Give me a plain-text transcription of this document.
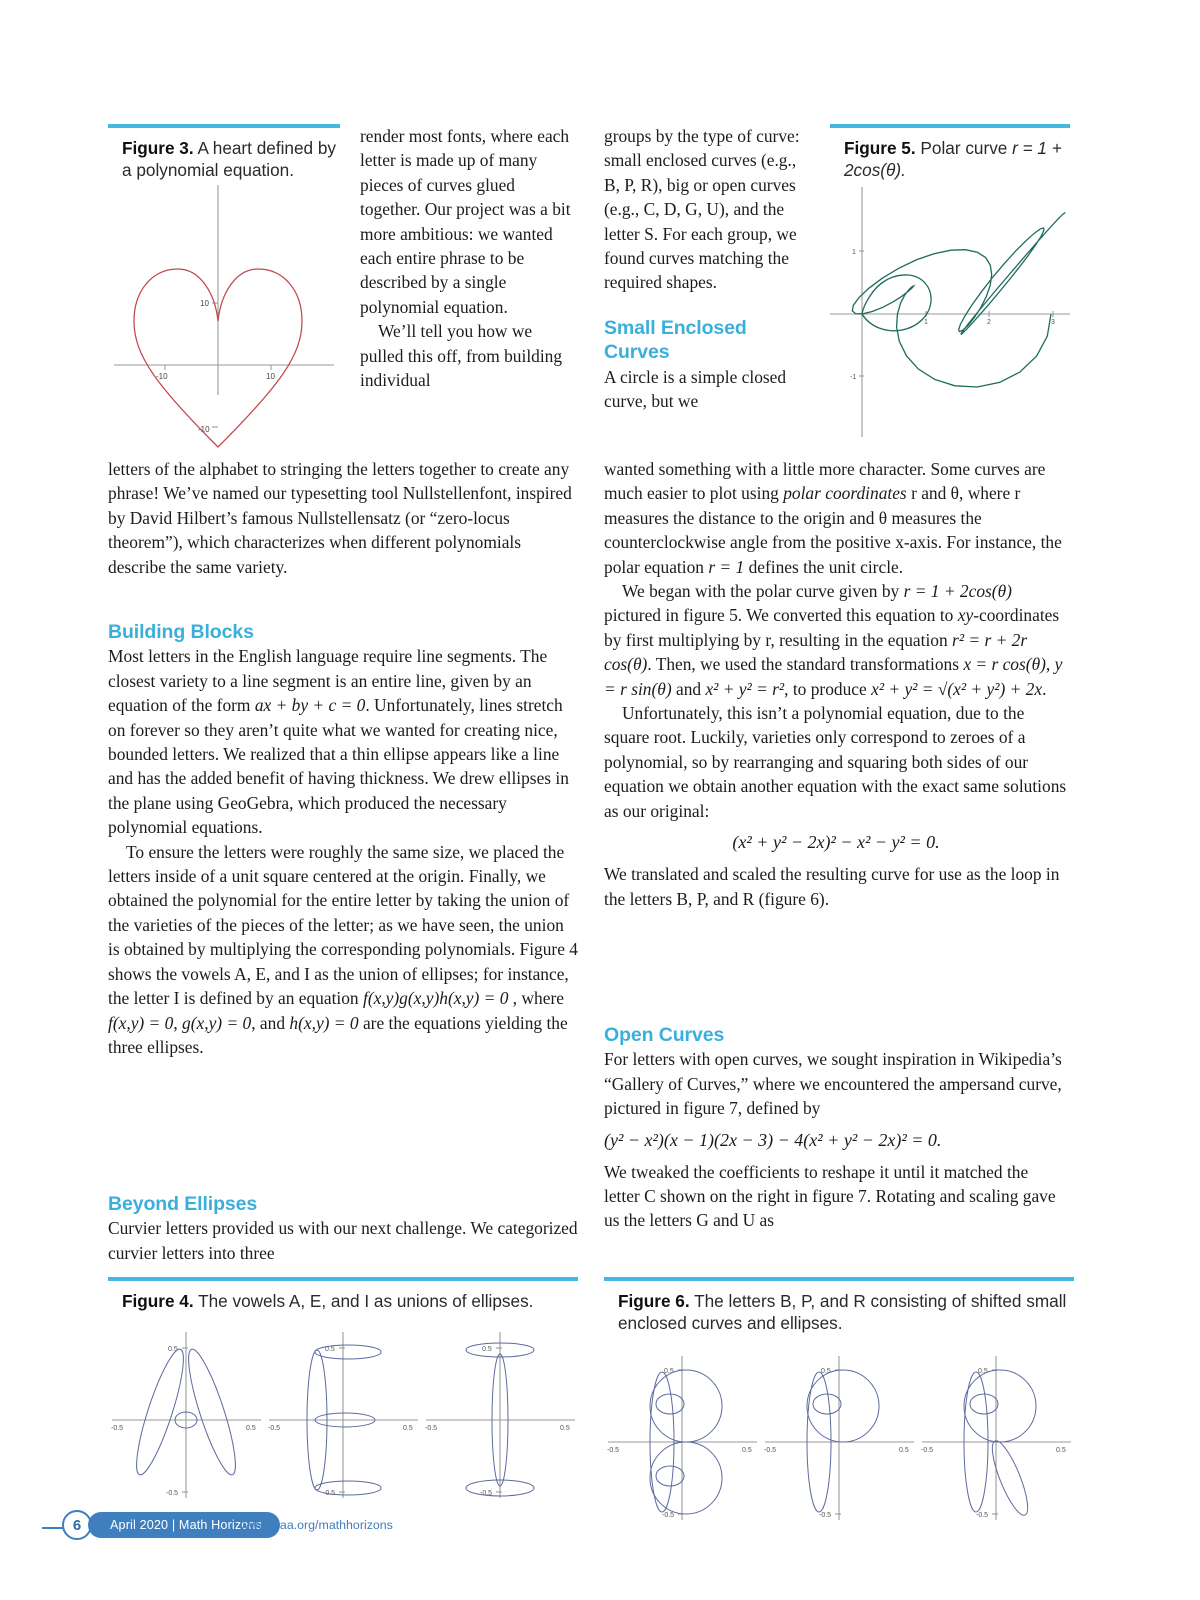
Figure 3. A heart defined by a polynomial equation.
10
-10	10
-10
Figure 5. Polar curve r = 1 + 2cos(θ).
1
-1
1	2	3

render most fonts, where each letter is made up of many pieces of curves glued together. Our project was a bit more ambitious: we wanted each entire phrase to be described by a single polynomial equation.

We’ll tell you how we pulled this off, from building individual

groups by the type of curve: small enclosed curves (e.g., B, P, R), big or open curves (e.g., C, D, G, U), and the letter S. For each group, we found curves matching the required shapes.

Small Enclosed
Curves

A circle is a simple closed curve, but we

letters of the alphabet to stringing the letters together to create any phrase! We’ve named our typesetting tool Nullstellenfont, inspired by David Hilbert’s famous Nullstellensatz (or “zero-locus theorem”), which characterizes when different polynomials describe the same variety.

Building Blocks

Most letters in the English language require line segments. The closest variety to a line segment is an entire line, given by an equation of the form ax + by + c = 0. Unfortunately, lines stretch on forever so they aren’t quite what we wanted for creating nice, bounded letters. We realized that a thin ellipse appears like a line and has the added benefit of having thickness. We drew ellipses in the plane using GeoGebra, which produced the necessary polynomial equations.

To ensure the letters were roughly the same size, we placed the letters inside of a unit square centered at the origin. Finally, we obtained the polynomial for the entire letter by taking the union of the varieties of the pieces of the letter; as we have seen, the union is obtained by multiplying the corresponding polynomials. Figure 4 shows the vowels A, E, and I as the union of ellipses; for instance, the letter I is defined by an equation f(x,y)g(x,y)h(x,y) = 0 , where f(x,y) = 0, g(x,y) = 0, and h(x,y) = 0 are the equations yielding the three ellipses.

Beyond Ellipses

Curvier letters provided us with our next challenge. We categorized curvier letters into three

wanted something with a little more character. Some curves are much easier to plot using polar coordinates r and θ, where r measures the distance to the origin and θ measures the counterclockwise angle from the positive x-axis. For instance, the polar equation r = 1 defines the unit circle.

We began with the polar curve given by r = 1 + 2cos(θ) pictured in figure 5. We converted this equation to xy-coordinates by first multiplying by r, resulting in the equation r² = r + 2r cos(θ). Then, we used the standard transformations x = r cos(θ), y = r sin(θ) and x² + y² = r², to produce x² + y² = √(x² + y²) + 2x.

Unfortunately, this isn’t a polynomial equation, due to the square root. Luckily, varieties only correspond to zeroes of a polynomial, so by rearranging and squaring both sides of our equation we obtain another equation with the exact same solutions as our original:

(x² + y² − 2x)² − x² − y² = 0.

We translated and scaled the resulting curve for use as the loop in the letters B, P, and R (figure 6).

Open Curves

For letters with open curves, we sought inspiration in Wikipedia’s “Gallery of Curves,” where we encountered the ampersand curve, pictured in figure 7, defined by

(y² − x²)(x − 1)(2x − 3) − 4(x² + y² − 2x)² = 0.

We tweaked the coefficients to reshape it until it matched the letter C shown on the right in figure 7. Rotating and scaling gave us the letters G and U as

Figure 4. The vowels A, E, and I as unions of ellipses.
0.5
-0.5
-0.5	0.5
0.5
-0.5
-0.5	0.5
0.5
-0.5
-0.5	0.5
Figure 6. The letters B, P, and R consisting of shifted small enclosed curves and ellipses.
0.5
-0.5
-0.5	0.5
0.5
-0.5
-0.5	0.5
0.5
-0.5
-0.5	0.5
6	April 2020 | Math Horizons
www.maa.org/mathhorizons
